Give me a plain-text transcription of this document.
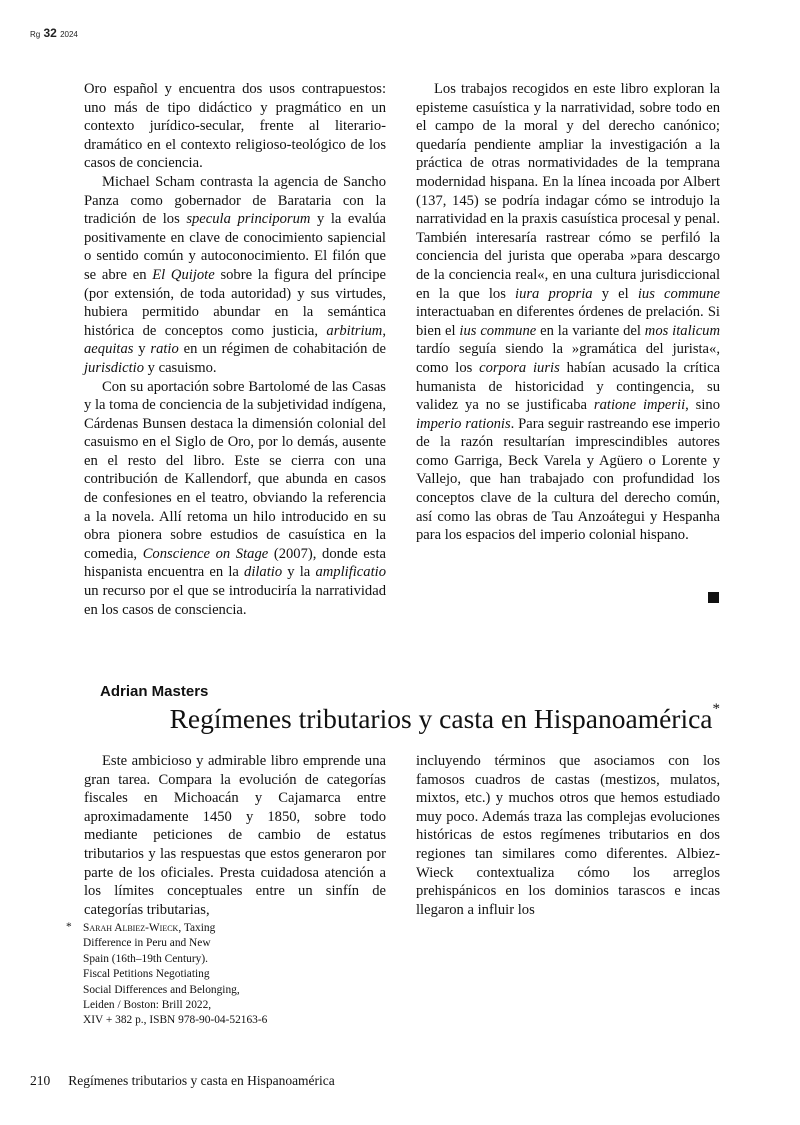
Rg 32 2024

Oro español y encuentra dos usos contrapuestos: uno más de tipo didáctico y pragmático en un contexto jurídico-secular, frente al literario-dramático en el contexto religioso-teológico de los casos de conciencia.

Michael Scham contrasta la agencia de Sancho Panza como gobernador de Barataria con la tradición de los specula principorum y la evalúa positivamente en clave de conocimiento sapiencial o sentido común y autoconocimiento. El filón que se abre en El Quijote sobre la figura del príncipe (por extensión, de toda autoridad) y sus virtudes, hubiera permitido abundar en la semántica histórica de conceptos como justicia, arbitrium, aequitas y ratio en un régimen de cohabitación de jurisdictio y casuismo.

Con su aportación sobre Bartolomé de las Casas y la toma de conciencia de la subjetividad indígena, Cárdenas Bunsen destaca la dimensión colonial del casuismo en el Siglo de Oro, por lo demás, ausente en el resto del libro. Este se cierra con una contribución de Kallendorf, que abunda en casos de confesiones en el teatro, obviando la referencia a la novela. Allí retoma un hilo introducido en su obra pionera sobre estudios de casuística en la comedia, Conscience on Stage (2007), donde esta hispanista encuentra en la dilatio y la amplificatio un recurso por el que se introduciría la narratividad en los casos de consciencia.

Los trabajos recogidos en este libro exploran la episteme casuística y la narratividad, sobre todo en el campo de la moral y del derecho canónico; quedaría pendiente ampliar la investigación a la práctica de otras normatividades de la temprana modernidad hispana. En la línea incoada por Albert (137, 145) se podría indagar cómo se introdujo la narratividad en la praxis casuística procesal y penal. También interesaría rastrear cómo se perfiló la conciencia del jurista que operaba »para descargo de la conciencia real«, en una cultura jurisdiccional en la que los iura propria y el ius commune interactuaban en diferentes órdenes de prelación. Si bien el ius commune en la variante del mos italicum tardío seguía siendo la »gramática del jurista«, como los corpora iuris habían acusado la crítica humanista de historicidad y contingencia, su validez ya no se justificaba ratione imperii, sino imperio rationis. Para seguir rastreando ese imperio de la razón resultarían imprescindibles autores como Garriga, Beck Varela y Agüero o Lorente y Vallejo, que han trabajado con profundidad los conceptos clave de la cultura del derecho común, así como las obras de Tau Anzoátegui y Hespanha para los espacios del imperio colonial hispano.

Adrian Masters
Regímenes tributarios y casta en Hispanoamérica*

Este ambicioso y admirable libro emprende una gran tarea. Compara la evolución de categorías fiscales en Michoacán y Cajamarca entre aproximadamente 1450 y 1850, sobre todo mediante peticiones de cambio de estatus tributarios y las respuestas que estos generaron por parte de los oficiales. Presta cuidadosa atención a los límites conceptuales entre un sinfín de categorías tributarias,

incluyendo términos que asociamos con los famosos cuadros de castas (mestizos, mulatos, mixtos, etc.) y muchos otros que hemos estudiado muy poco. Además traza las complejas evoluciones históricas de estos regímenes tributarios en dos regiones tan similares como diferentes. Albiez-Wieck contextualiza cómo los arreglos prehispánicos en los dominios tarascos e incas llegaron a influir los

* Sarah Albiez-Wieck, Taxing
Difference in Peru and New
Spain (16th–19th Century).
Fiscal Petitions Negotiating
Social Differences and Belonging,
Leiden / Boston: Brill 2022,
XIV + 382 p., ISBN 978-90-04-52163-6
210 Regímenes tributarios y casta en Hispanoamérica
